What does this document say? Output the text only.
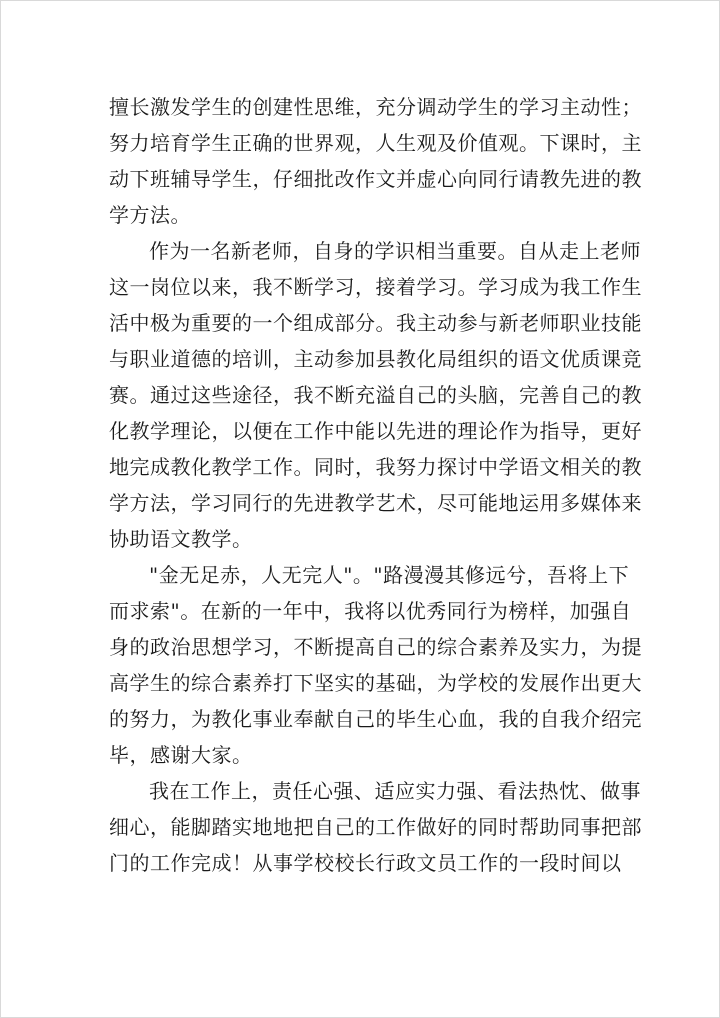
擅长激发学生的创建性思维，充分调动学生的学习主动性；
努力培育学生正确的世界观，人生观及价值观。下课时，主
动下班辅导学生，仔细批改作文并虚心向同行请教先进的教
学方法。

作为一名新老师，自身的学识相当重要。自从走上老师
这一岗位以来，我不断学习，接着学习。学习成为我工作生
活中极为重要的一个组成部分。我主动参与新老师职业技能
与职业道德的培训，主动参加县教化局组织的语文优质课竞
赛。通过这些途径，我不断充溢自己的头脑，完善自己的教
化教学理论，以便在工作中能以先进的理论作为指导，更好
地完成教化教学工作。同时，我努力探讨中学语文相关的教
学方法，学习同行的先进教学艺术，尽可能地运用多媒体来
协助语文教学。

"金无足赤，人无完人"。"路漫漫其修远兮，吾将上下
而求索"。在新的一年中，我将以优秀同行为榜样，加强自
身的政治思想学习，不断提高自己的综合素养及实力，为提
高学生的综合素养打下坚实的基础，为学校的发展作出更大
的努力，为教化事业奉献自己的毕生心血，我的自我介绍完
毕，感谢大家。

我在工作上，责任心强、适应实力强、看法热忱、做事
细心，能脚踏实地地把自己的工作做好的同时帮助同事把部
门的工作完成！从事学校校长行政文员工作的一段时间以
